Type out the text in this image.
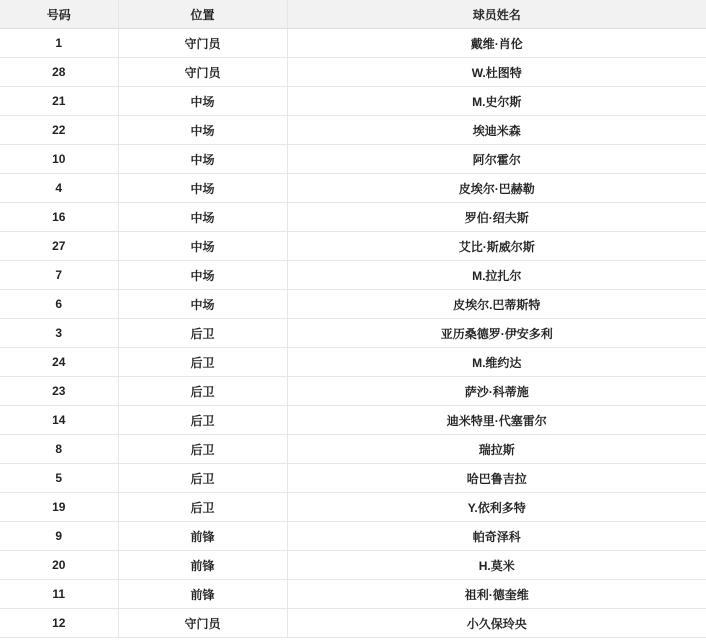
号码	位置	球员姓名
1	守门员	戴维·肖伦
28	守门员	W.杜图特
21	中场	M.史尔斯
22	中场	埃迪米森
10	中场	阿尔霍尔
4	中场	皮埃尔·巴赫勒
16	中场	罗伯·绍夫斯
27	中场	艾比·斯威尔斯
7	中场	M.拉扎尔
6	中场	皮埃尔.巴蒂斯特
3	后卫	亚历桑德罗·伊安多利
24	后卫	M.维约达
23	后卫	萨沙·科蒂施
14	后卫	迪米特里·代塞雷尔
8	后卫	瑞拉斯
5	后卫	哈巴鲁吉拉
19	后卫	Y.依利多特
9	前锋	帕奇泽科
20	前锋	H.莫米
11	前锋	祖利·德奎维
12	守门员	小久保玲央
